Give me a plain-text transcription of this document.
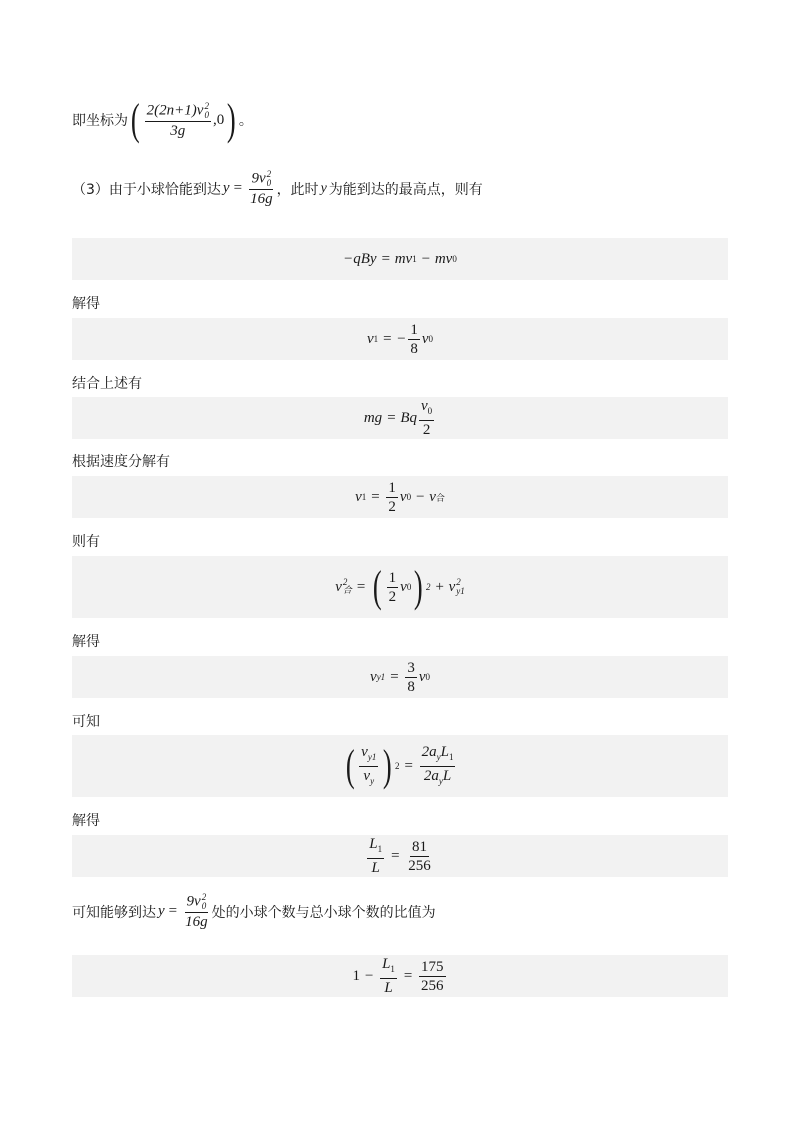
即坐标为 ( 2(2n+1)v 2
0
3g ,0 ) 。
（3）由于小球恰能到达 y = 9v 2
0
16g ，此时 y 为能到达的最高点，则有
−qBy = mv 1 − mv 0
解得
v 1 = − $\frac{1}{8}$ v 0
结合上述有
mg = Bq $\frac{v_0}{2}$
根据速度分解有
v $1 = \frac{1}{2}$ v 0 − v 合
则有
v 2
合 = ( $\frac{1}{2}$ v 0 ) 2 + v 2
y1
解得
v $y1 = \frac{3}{8}$ v 0
可知
( $\frac{v_{y1}}{v_y}$ ) $2 = \frac{2a_yL_1}{2a_yL}$
解得
$\frac{L_1}{L} = \frac{81}{256}$
可知能够到达 y = 9v 2
0
16g 处的小球个数与总小球个数的比值为
$1 - \frac{L_1}{L} = \frac{175}{256}$
